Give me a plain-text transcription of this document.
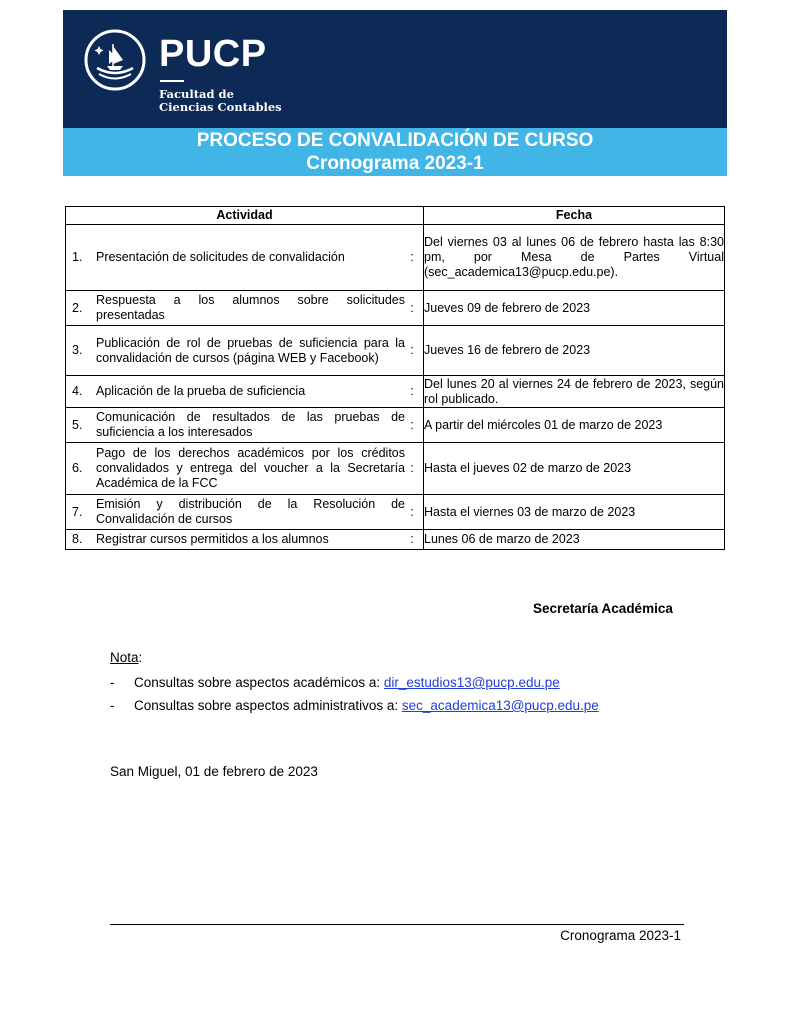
PUCP
Facultad de
Ciencias Contables
PROCESO DE CONVALIDACIÓN DE CURSO
Cronograma 2023-1
Actividad	Fecha

1. Presentación de solicitudes de convalidación :	Del viernes 03 al lunes 06 de febrero hasta las 8:30 pm, por Mesa de Partes Virtual (sec_academica13@pucp.edu.pe).

2.
Respuesta a los alumnos sobre solicitudes presentadas
:	Jueves 09 de febrero de 2023

3.
Publicación de rol de pruebas de suficiencia para la convalidación de cursos (página WEB y Facebook)
:	Jueves 16 de febrero de 2023

4. Aplicación de la prueba de suficiencia :	Del lunes 20 al viernes 24 de febrero de 2023, según rol publicado.

5.
Comunicación de resultados de las pruebas de suficiencia a los interesados
:	A partir del miércoles 01 de marzo de 2023

6.
Pago de los derechos académicos por los créditos convalidados y entrega del voucher a la Secretaría Académica de la FCC
:	Hasta el jueves 02 de marzo de 2023

7.
Emisión y distribución de la Resolución de Convalidación de cursos
:	Hasta el viernes 03 de marzo de 2023

8. Registrar cursos permitidos a los alumnos :	Lunes 06 de marzo de 2023
Secretaría Académica
Nota:
-	Consultas sobre aspectos académicos a:
dir_estudios13@pucp.edu.pe
-	Consultas sobre aspectos administrativos a:
sec_academica13@pucp.edu.pe
San Miguel, 01 de febrero de 2023
Cronograma 2023-1
